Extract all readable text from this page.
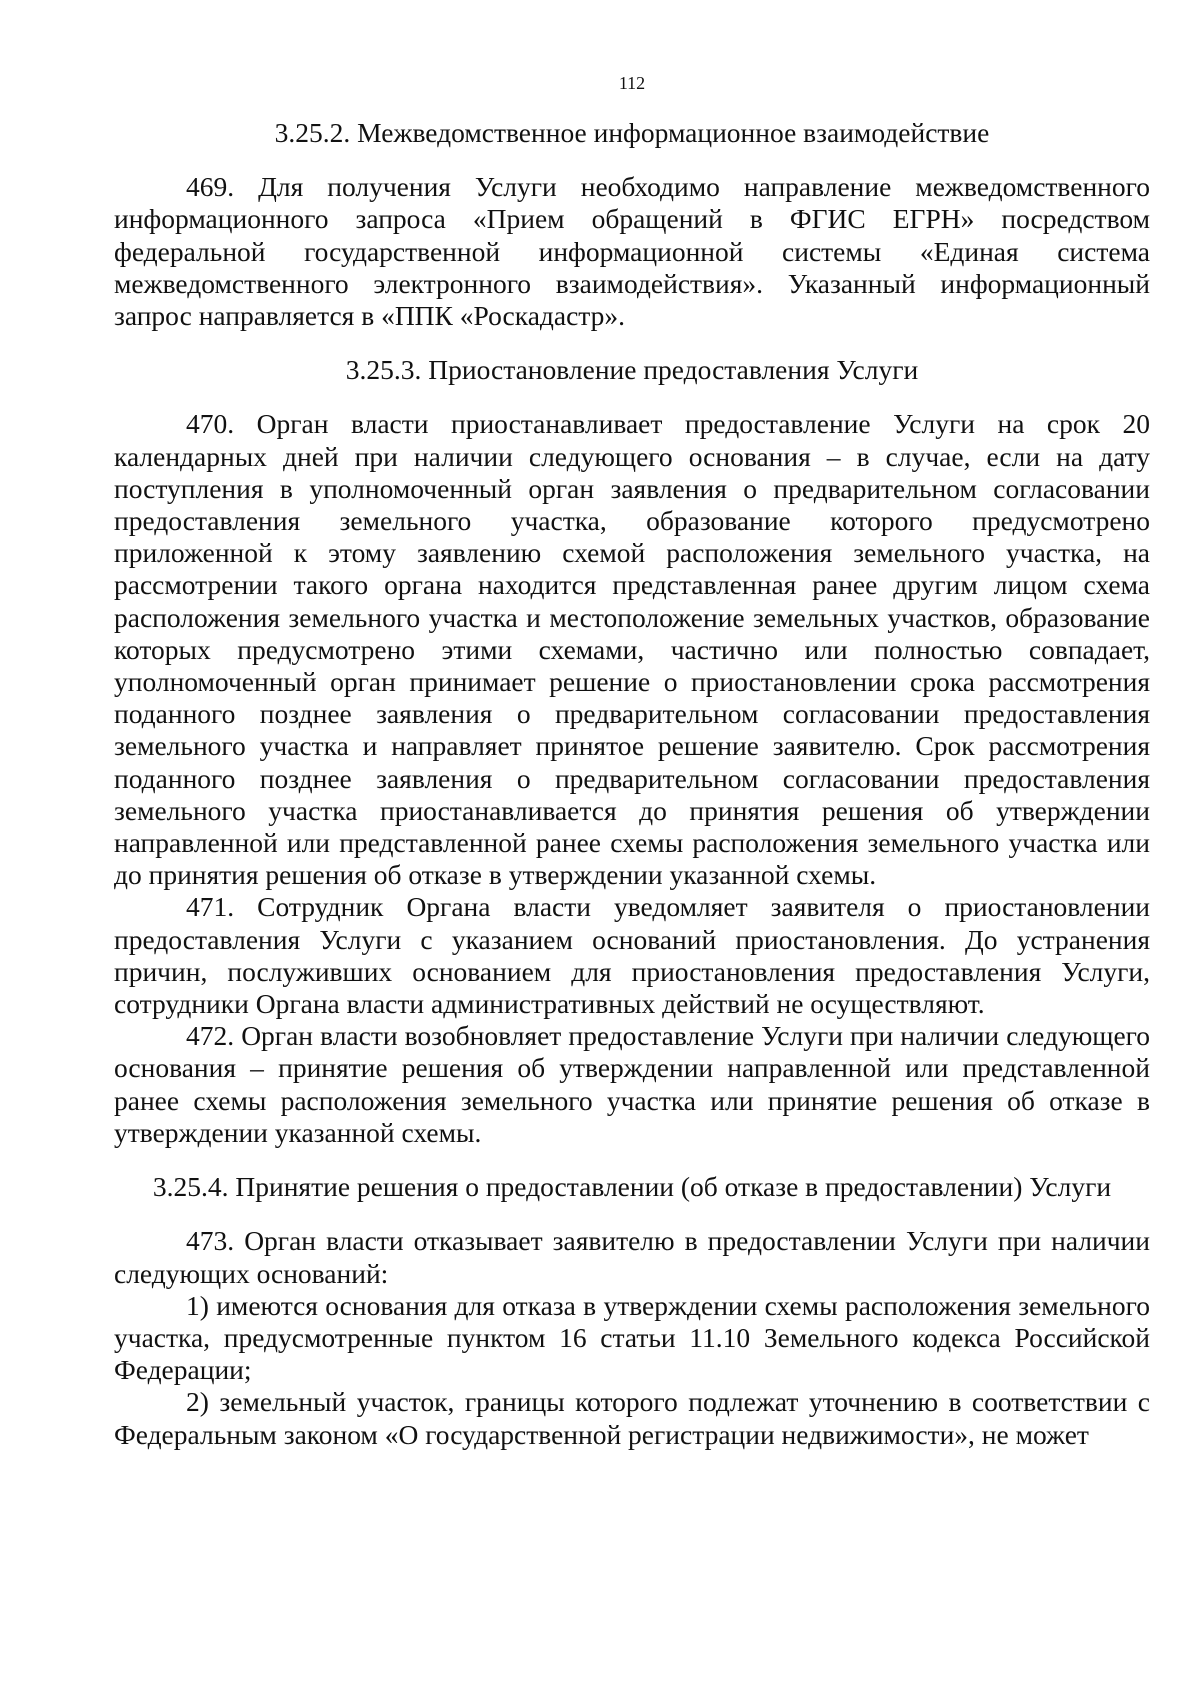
112
3.25.2. Межведомственное информационное взаимодействие

469. Для получения Услуги необходимо направление межведомственного информационного запроса «Прием обращений в ФГИС ЕГРН» посредством федеральной государственной информационной системы «Единая система межведомственного электронного взаимодействия». Указанный информационный запрос направляется в «ППК «Роскадастр».

3.25.3. Приостановление предоставления Услуги

470. Орган власти приостанавливает предоставление Услуги на срок 20 календарных дней при наличии следующего основания – в случае, если на дату поступления в уполномоченный орган заявления о предварительном согласовании предоставления земельного участка, образование которого предусмотрено приложенной к этому заявлению схемой расположения земельного участка, на рассмотрении такого органа находится представленная ранее другим лицом схема расположения земельного участка и местоположение земельных участков, образование которых предусмотрено этими схемами, частично или полностью совпадает, уполномоченный орган принимает решение о приостановлении срока рассмотрения поданного позднее заявления о предварительном согласовании предоставления земельного участка и направляет принятое решение заявителю. Срок рассмотрения поданного позднее заявления о предварительном согласовании предоставления земельного участка приостанавливается до принятия решения об утверждении направленной или представленной ранее схемы расположения земельного участка или до принятия решения об отказе в утверждении указанной схемы.

471. Сотрудник Органа власти уведомляет заявителя о приостановлении предоставления Услуги с указанием оснований приостановления. До устранения причин, послуживших основанием для приостановления предоставления Услуги, сотрудники Органа власти административных действий не осуществляют.

472. Орган власти возобновляет предоставление Услуги при наличии следующего основания – принятие решения об утверждении направленной или представленной ранее схемы расположения земельного участка или принятие решения об отказе в утверждении указанной схемы.

3.25.4. Принятие решения о предоставлении (об отказе в предоставлении) Услуги

473. Орган власти отказывает заявителю в предоставлении Услуги при наличии следующих оснований:

1) имеются основания для отказа в утверждении схемы расположения земельного участка, предусмотренные пунктом 16 статьи 11.10 Земельного кодекса Российской Федерации;

2) земельный участок, границы которого подлежат уточнению в соответствии с Федеральным законом «О государственной регистрации недвижимости», не может
